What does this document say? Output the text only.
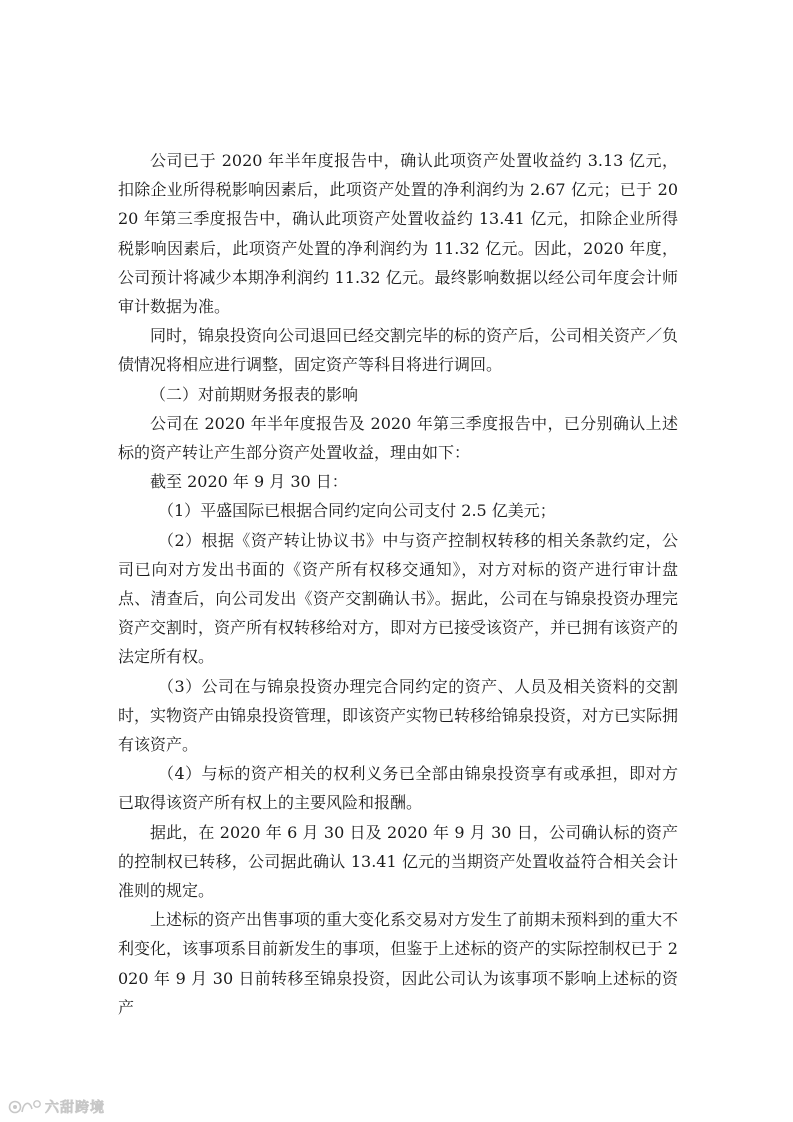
公司已于 2020 年半年度报告中，确认此项资产处置收益约 3.13 亿元，扣除企业所得税影响因素后，此项资产处置的净利润约为 2.67 亿元；已于 2020 年第三季度报告中，确认此项资产处置收益约 13.41 亿元，扣除企业所得税影响因素后，此项资产处置的净利润约为 11.32 亿元。因此，2020 年度，公司预计将减少本期净利润约 11.32 亿元。最终影响数据以经公司年度会计师审计数据为准。

同时，锦泉投资向公司退回已经交割完毕的标的资产后，公司相关资产／负债情况将相应进行调整，固定资产等科目将进行调回。

（二）对前期财务报表的影响

公司在 2020 年半年度报告及 2020 年第三季度报告中，已分别确认上述标的资产转让产生部分资产处置收益，理由如下：

截至 2020 年 9 月 30 日：

（1）平盛国际已根据合同约定向公司支付 2.5 亿美元；

（2）根据《资产转让协议书》中与资产控制权转移的相关条款约定，公司已向对方发出书面的《资产所有权移交通知》，对方对标的资产进行审计盘点、清查后，向公司发出《资产交割确认书》。据此，公司在与锦泉投资办理完资产交割时，资产所有权转移给对方，即对方已接受该资产，并已拥有该资产的法定所有权。

（3）公司在与锦泉投资办理完合同约定的资产、人员及相关资料的交割时，实物资产由锦泉投资管理，即该资产实物已转移给锦泉投资，对方已实际拥有该资产。

（4）与标的资产相关的权利义务已全部由锦泉投资享有或承担，即对方已取得该资产所有权上的主要风险和报酬。

据此，在 2020 年 6 月 30 日及 2020 年 9 月 30 日，公司确认标的资产的控制权已转移，公司据此确认 13.41 亿元的当期资产处置收益符合相关会计准则的规定。

上述标的资产出售事项的重大变化系交易对方发生了前期未预料到的重大不利变化，该事项系目前新发生的事项，但鉴于上述标的资产的实际控制权已于 2020 年 9 月 30 日前转移至锦泉投资，因此公司认为该事项不影响上述标的资产

六甜跨境
